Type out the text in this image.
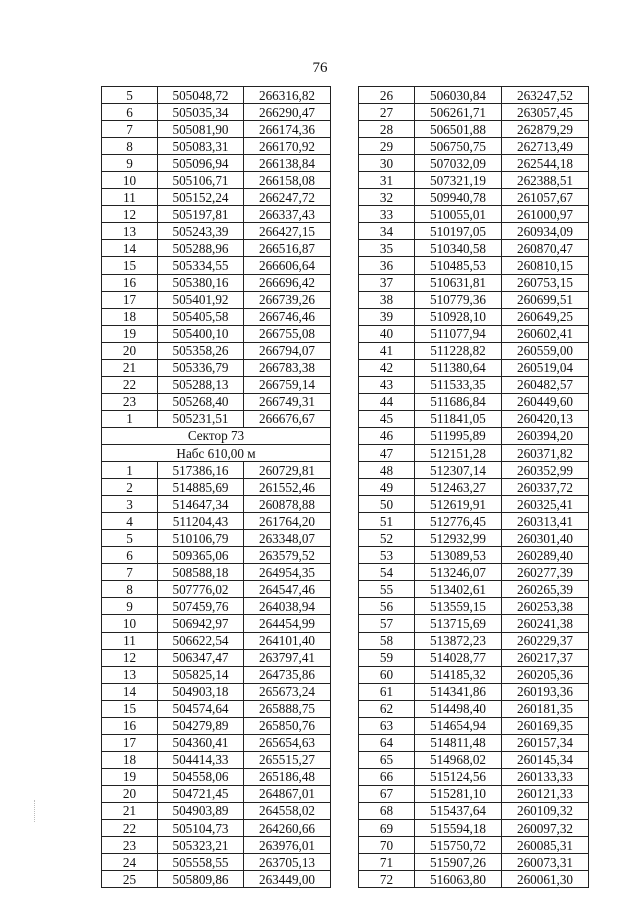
76
5	505048,72	266316,82
6	505035,34	266290,47
7	505081,90	266174,36
8	505083,31	266170,92
9	505096,94	266138,84
10	505106,71	266158,08
11	505152,24	266247,72
12	505197,81	266337,43
13	505243,39	266427,15
14	505288,96	266516,87
15	505334,55	266606,64
16	505380,16	266696,42
17	505401,92	266739,26
18	505405,58	266746,46
19	505400,10	266755,08
20	505358,26	266794,07
21	505336,79	266783,38
22	505288,13	266759,14
23	505268,40	266749,31
1	505231,51	266676,67
Сектор 73		
Набс 610,00 м		
1	517386,16	260729,81
2	514885,69	261552,46
3	514647,34	260878,88
4	511204,43	261764,20
5	510106,79	263348,07
6	509365,06	263579,52
7	508588,18	264954,35
8	507776,02	264547,46
9	507459,76	264038,94
10	506942,97	264454,99
11	506622,54	264101,40
12	506347,47	263797,41
13	505825,14	264735,86
14	504903,18	265673,24
15	504574,64	265888,75
16	504279,89	265850,76
17	504360,41	265654,63
18	504414,33	265515,27
19	504558,06	265186,48
20	504721,45	264867,01
21	504903,89	264558,02
22	505104,73	264260,66
23	505323,21	263976,01
24	505558,55	263705,13
25	505809,86	263449,00
26	506030,84	263247,52
27	506261,71	263057,45
28	506501,88	262879,29
29	506750,75	262713,49
30	507032,09	262544,18
31	507321,19	262388,51
32	509940,78	261057,67
33	510055,01	261000,97
34	510197,05	260934,09
35	510340,58	260870,47
36	510485,53	260810,15
37	510631,81	260753,15
38	510779,36	260699,51
39	510928,10	260649,25
40	511077,94	260602,41
41	511228,82	260559,00
42	511380,64	260519,04
43	511533,35	260482,57
44	511686,84	260449,60
45	511841,05	260420,13
46	511995,89	260394,20
47	512151,28	260371,82
48	512307,14	260352,99
49	512463,27	260337,72
50	512619,91	260325,41
51	512776,45	260313,41
52	512932,99	260301,40
53	513089,53	260289,40
54	513246,07	260277,39
55	513402,61	260265,39
56	513559,15	260253,38
57	513715,69	260241,38
58	513872,23	260229,37
59	514028,77	260217,37
60	514185,32	260205,36
61	514341,86	260193,36
62	514498,40	260181,35
63	514654,94	260169,35
64	514811,48	260157,34
65	514968,02	260145,34
66	515124,56	260133,33
67	515281,10	260121,33
68	515437,64	260109,32
69	515594,18	260097,32
70	515750,72	260085,31
71	515907,26	260073,31
72	516063,80	260061,30
